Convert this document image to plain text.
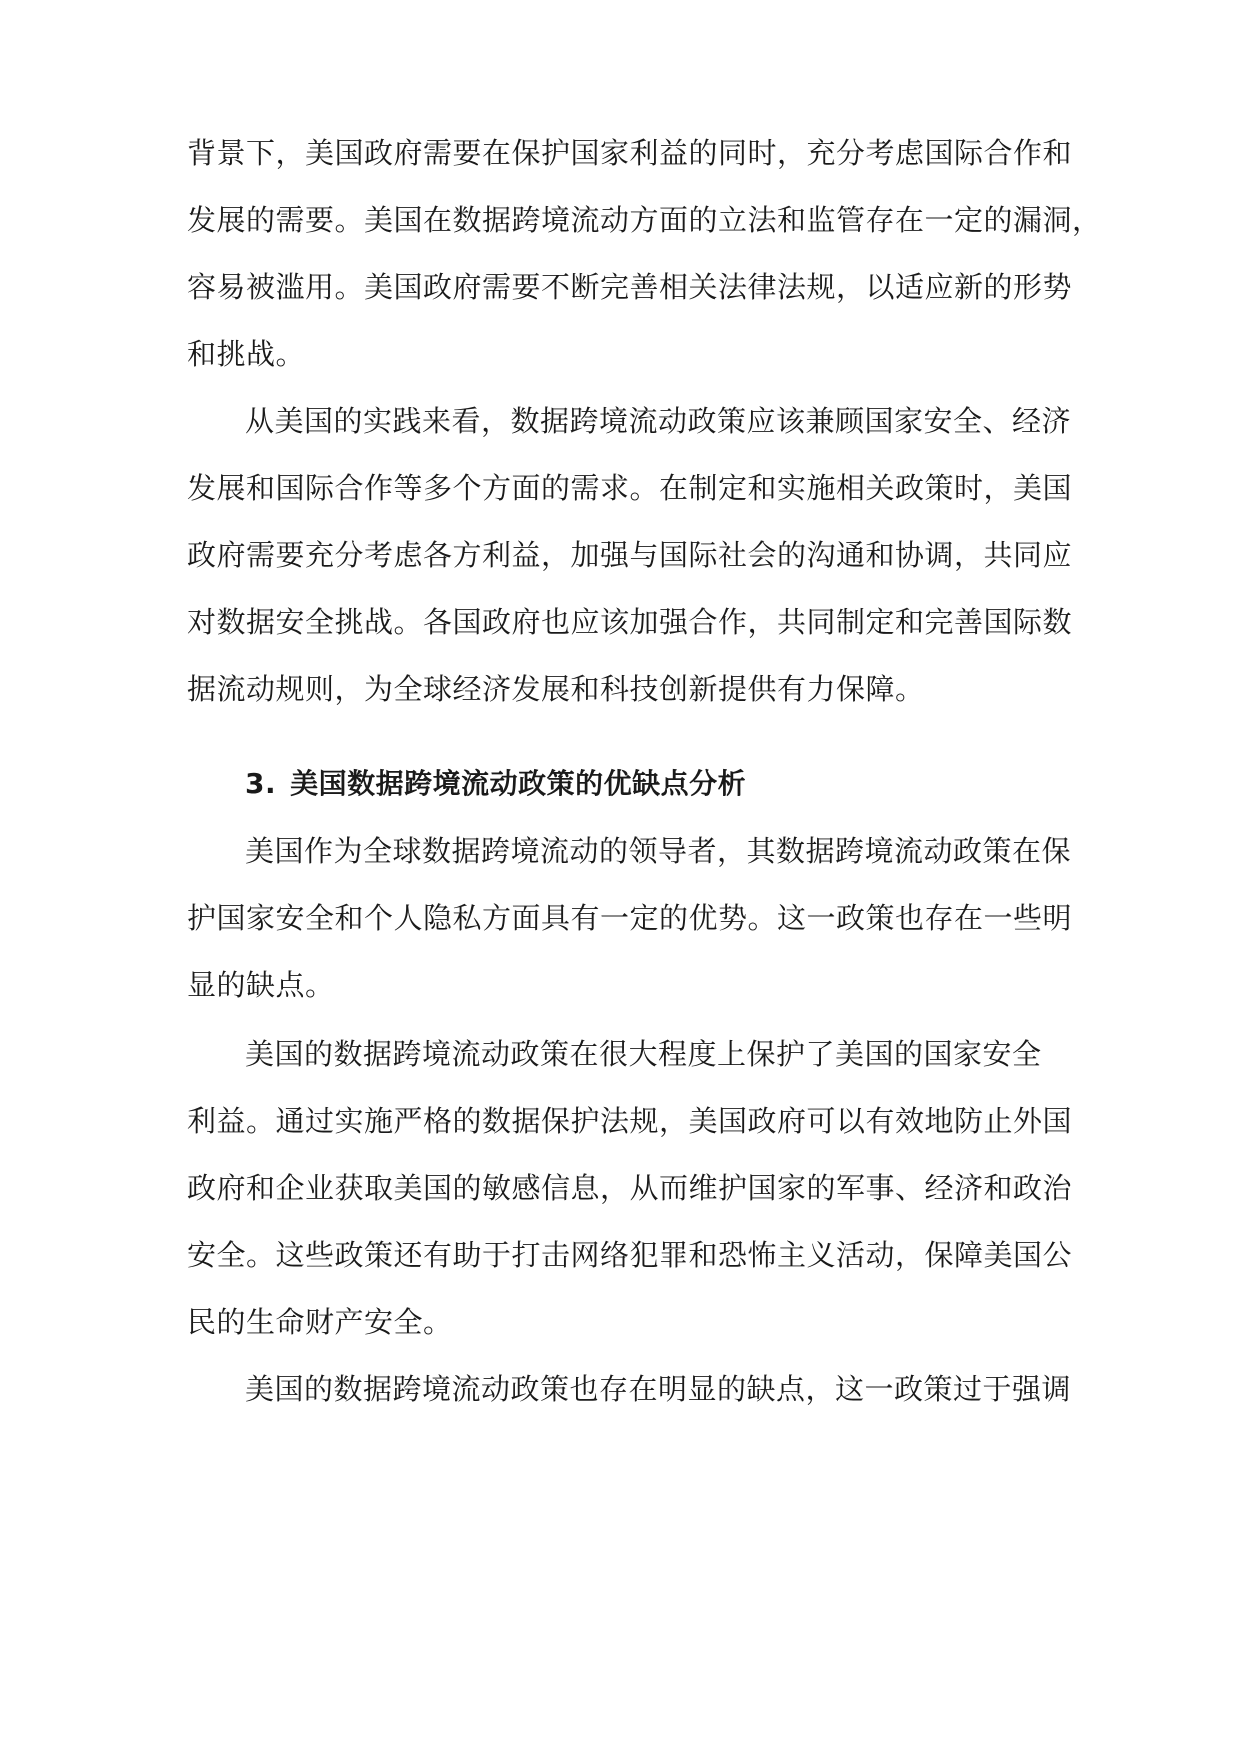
背景下，美国政府需要在保护国家利益的同时，充分考虑国际合作和
发展的需要。美国在数据跨境流动方面的立法和监管存在一定的漏洞，
容易被滥用。美国政府需要不断完善相关法律法规，以适应新的形势
和挑战。
从美国的实践来看，数据跨境流动政策应该兼顾国家安全、经济
发展和国际合作等多个方面的需求。在制定和实施相关政策时，美国
政府需要充分考虑各方利益，加强与国际社会的沟通和协调，共同应
对数据安全挑战。各国政府也应该加强合作，共同制定和完善国际数
据流动规则，为全球经济发展和科技创新提供有力保障。
3. 美国数据跨境流动政策的优缺点分析
美国作为全球数据跨境流动的领导者，其数据跨境流动政策在保
护国家安全和个人隐私方面具有一定的优势。这一政策也存在一些明
显的缺点。
美国的数据跨境流动政策在很大程度上保护了美国的国家安全
利益。通过实施严格的数据保护法规，美国政府可以有效地防止外国
政府和企业获取美国的敏感信息，从而维护国家的军事、经济和政治
安全。这些政策还有助于打击网络犯罪和恐怖主义活动，保障美国公
民的生命财产安全。
美国的数据跨境流动政策也存在明显的缺点，这一政策过于强调
